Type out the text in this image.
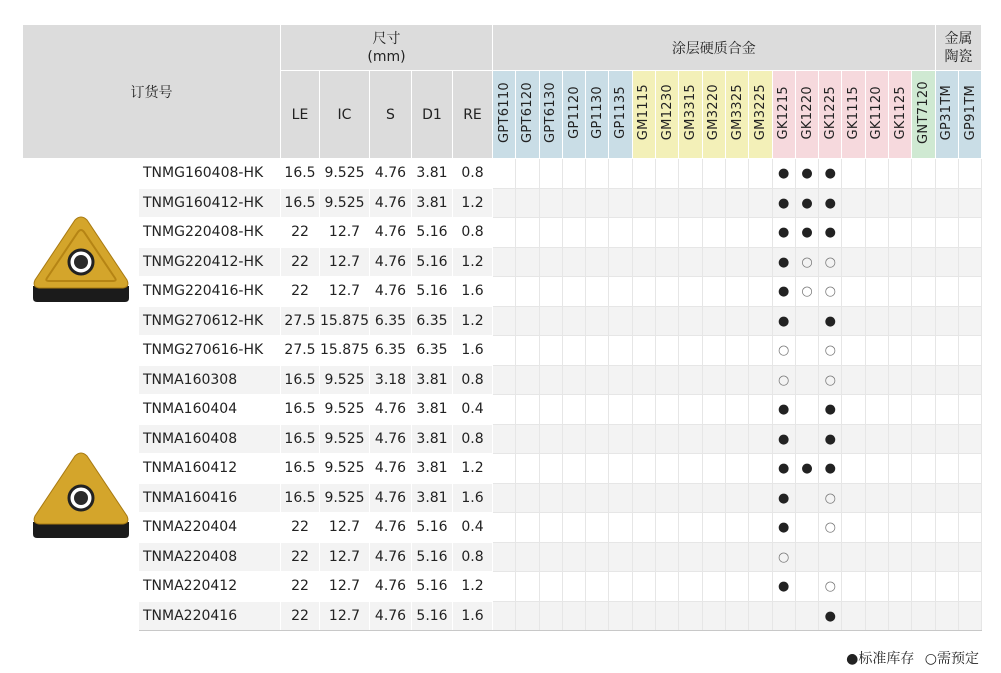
订货号		尺寸
(mm)					涂层硬质合金																			金属
陶瓷	
		LE	IC	S	D1	RE	GPT6110	GPT6120	GPT6130	GP1120	GP1130	GP1135	GM1115	GM1230	GM3315	GM3220	GM3325	GM3225	GK1215	GK1220	GK1225	GK1115	GK1120	GK1125	GNT7120	GP31TM	GP91TM
	TNMG160408-HK	16.5	9.525	4.76	3.81	0.8													●	●	●						
	TNMG160412-HK	16.5	9.525	4.76	3.81	1.2													●	●	●						
	TNMG220408-HK	22	12.7	4.76	5.16	0.8													●	●	●						
	TNMG220412-HK	22	12.7	4.76	5.16	1.2													●	○	○						
	TNMG220416-HK	22	12.7	4.76	5.16	1.6													●	○	○						
	TNMG270612-HK	27.5	15.875	6.35	6.35	1.2													●		●						
	TNMG270616-HK	27.5	15.875	6.35	6.35	1.6													○		○						
	TNMA160308	16.5	9.525	3.18	3.81	0.8													○		○						
	TNMA160404	16.5	9.525	4.76	3.81	0.4													●		●						
	TNMA160408	16.5	9.525	4.76	3.81	0.8													●		●						
	TNMA160412	16.5	9.525	4.76	3.81	1.2													●	●	●						
	TNMA160416	16.5	9.525	4.76	3.81	1.6													●		○						
	TNMA220404	22	12.7	4.76	5.16	0.4													●		○						
	TNMA220408	22	12.7	4.76	5.16	0.8													○								
	TNMA220412	22	12.7	4.76	5.16	1.2													●		○						
	TNMA220416	22	12.7	4.76	5.16	1.6															●						
●标准库存 ○需预定
